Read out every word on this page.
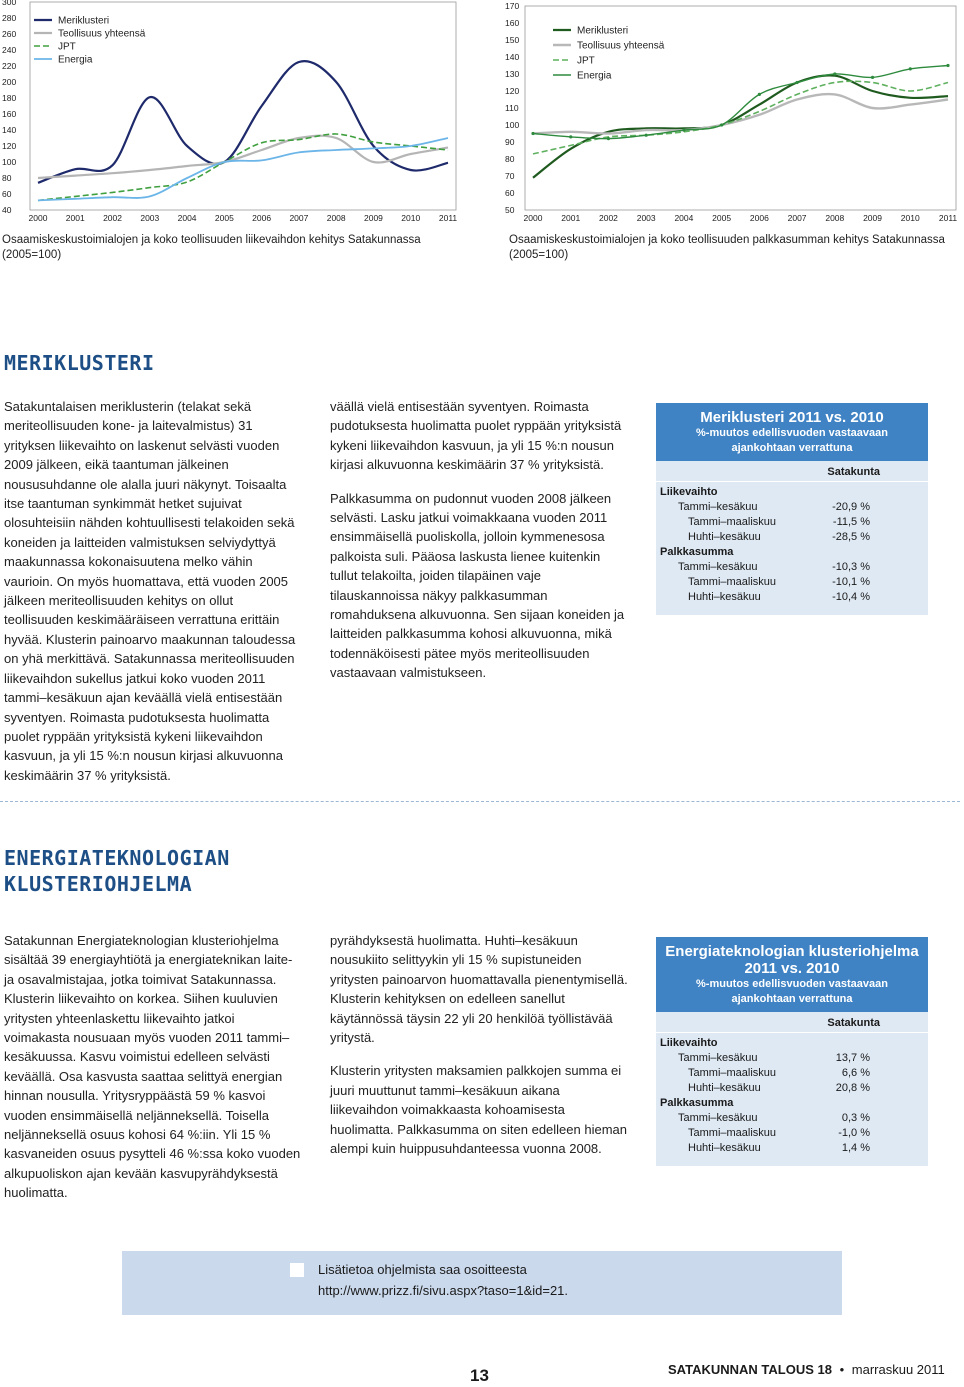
40
60
80
100
120
140
160
180
200
220
240
260
280
300
2000 2001 2002 2003 2004 2005 2006 2007 2008 2009 2010 2011
Meriklusteri
Teollisuus yhteensä
JPT
Energia
Osaamiskeskustoimialojen ja koko teollisuuden liikevaihdon kehitys Satakunnassa
(2005=100)
50
60
70
80
90
100
110
120
130
140
150
160
170
2000 2001 2002 2003 2004 2005 2006 2007 2008 2009 2010 2011
Meriklusteri
Teollisuus yhteensä
JPT
Energia
Osaamiskeskustoimialojen ja koko teollisuuden palkkasumman kehitys Satakunnassa
(2005=100)
MERIKLUSTERI

Satakuntalaisen meriklusterin (telakat sekä meriteollisuuden kone- ja laitevalmistus) 31 yrityksen liikevaihto on laskenut selvästi vuoden 2009 jälkeen, eikä taantuman jälkeinen noususuhdanne ole alalla juuri näkynyt. Toisaalta itse taantuman synkimmät hetket sujuivat olosuhteisiin nähden kohtuullisesti telakoiden sekä koneiden ja laitteiden valmistuksen selviydyttyä maakunnassa kokonaisuutena melko vähin vaurioin. On myös huomattava, että vuoden 2005 jälkeen meriteollisuuden kehitys on ollut teollisuuden keskimääräiseen verrattuna erittäin hyvää. Klusterin painoarvo maakunnan taloudessa on yhä merkittävä. Satakunnassa meriteollisuuden liikevaihdon sukellus jatkui koko vuoden 2011 tammi–kesäkuun ajan keväällä vielä entisestään syventyen. Roimasta pudotuksesta huolimatta puolet ryppään yrityksistä kykeni liikevaihdon kasvuun, ja yli 15 %:n nousun kirjasi alkuvuonna keskimäärin 37 % yrityksistä.

väällä vielä entisestään syventyen. Roimasta pudotuksesta huolimatta puolet ryppään yrityksistä kykeni liikevaihdon kasvuun, ja yli 15 %:n nousun kirjasi alkuvuonna keskimäärin 37 % yrityksistä.

Palkkasumma on pudonnut vuoden 2008 jälkeen selvästi. Lasku jatkui voimakkaana vuoden 2011 ensimmäisellä puoliskolla, jolloin kymmenesosa palkoista suli. Pääosa laskusta lienee kuitenkin tullut telakoilta, joiden tilapäinen vaje tilauskannoissa näkyy palkkasumman romahduksena alkuvuonna. Sen sijaan koneiden ja laitteiden palkkasumma kohosi alkuvuonna, mikä todennäköisesti pätee myös meriteollisuuden vastaavaan valmistukseen.

Meriklusteri 2011 vs. 2010
%-muutos edellisvuoden vastaavaan
ajankohtaan verrattuna
Satakunta
Liikevaihto
Tammi–kesäkuu	-20,9 %
Tammi–maaliskuu	-11,5 %
Huhti–kesäkuu	-28,5 %
Palkkasumma
Tammi–kesäkuu	-10,3 %
Tammi–maaliskuu	-10,1 %
Huhti–kesäkuu	-10,4 %
ENERGIATEKNOLOGIAN
KLUSTERIOHJELMA

Satakunnan Energiateknologian klusteriohjelma sisältää 39 energiayhtiötä ja energiateknikan laite- ja osavalmistajaa, jotka toimivat Satakunnassa. Klusterin liikevaihto on korkea. Siihen kuuluvien yritysten yhteenlaskettu liikevaihto jatkoi voimakasta nousuaan myös vuoden 2011 tammi–kesäkuussa. Kasvu voimistui edelleen selvästi keväällä. Osa kasvusta saattaa selittyä energian hinnan nousulla. Yritysryppäästä 59 % kasvoi vuoden ensimmäisellä neljänneksellä. Toisella neljänneksellä osuus kohosi 64 %:iin. Yli 15 % kasvaneiden osuus pysytteli 46 %:ssa koko vuoden alkupuoliskon ajan kevään kasvupyrähdyksestä huolimatta.

pyrähdyksestä huolimatta. Huhti–kesäkuun nousukiito selittyykin yli 15 % supistuneiden yritysten painoarvon huomattavalla pienentymisellä. Klusterin kehityksen on edelleen sanellut käytännössä täysin 22 yli 20 henkilöä työllistävää yritystä.

Klusterin yritysten maksamien palkkojen summa ei juuri muuttunut tammi–kesäkuun aikana liikevaihdon voimakkaasta kohoamisesta huolimatta. Palkkasumma on siten edelleen hieman alempi kuin huippusuhdanteessa vuonna 2008.

Energiateknologian klusteriohjelma
2011 vs. 2010
%-muutos edellisvuoden vastaavaan
ajankohtaan verrattuna
Satakunta
Liikevaihto
Tammi–kesäkuu	13,7 %
Tammi–maaliskuu	6,6 %
Huhti–kesäkuu	20,8 %
Palkkasumma
Tammi–kesäkuu	0,3 %
Tammi–maaliskuu	-1,0 %
Huhti–kesäkuu	1,4 %
Lisätietoa ohjelmista saa osoitteesta
http://www.prizz.fi/sivu.aspx?taso=1&id=21.
13	SATAKUNNAN TALOUS 18 • marraskuu 2011
